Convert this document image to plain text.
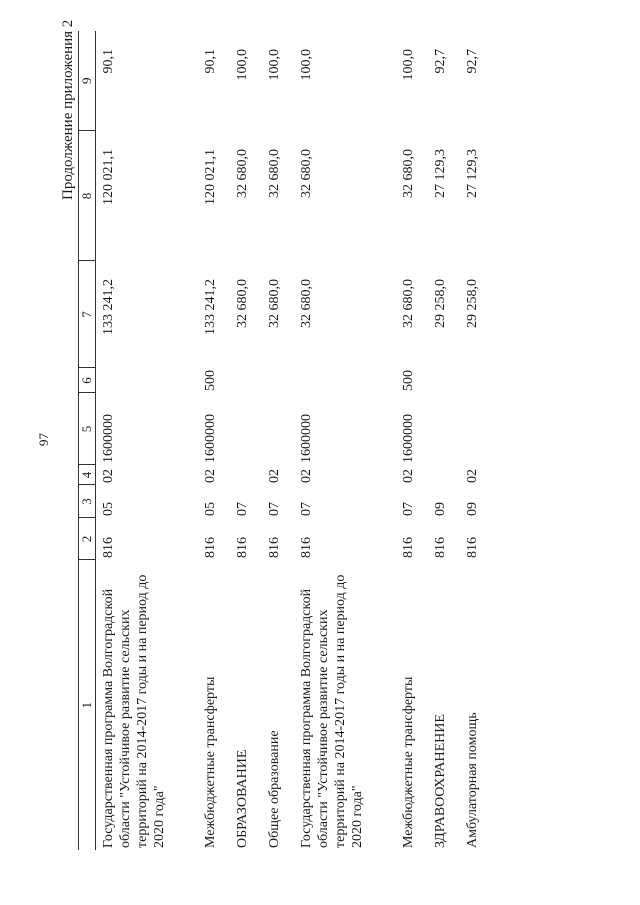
97
Продолжение приложения 2
1	2	3	4	5	6	7	8	9
Государственная программа Волгоградской области "Устойчивое развитие сельских территорий на 2014-2017 годы и на период до 2020 года"	816	05	02	1600000		133 241,2	120 021,1	90,1
Межбюджетные трансферты	816	05	02	1600000	500	133 241,2	120 021,1	90,1
ОБРАЗОВАНИЕ	816	07				32 680,0	32 680,0	100,0
Общее образование	816	07	02			32 680,0	32 680,0	100,0
Государственная программа Волгоградской области "Устойчивое развитие сельских территорий на 2014-2017 годы и на период до 2020 года"	816	07	02	1600000		32 680,0	32 680,0	100,0
Межбюджетные трансферты	816	07	02	1600000	500	32 680,0	32 680,0	100,0
ЗДРАВООХРАНЕНИЕ	816	09				29 258,0	27 129,3	92,7
Амбулаторная помощь	816	09	02			29 258,0	27 129,3	92,7
